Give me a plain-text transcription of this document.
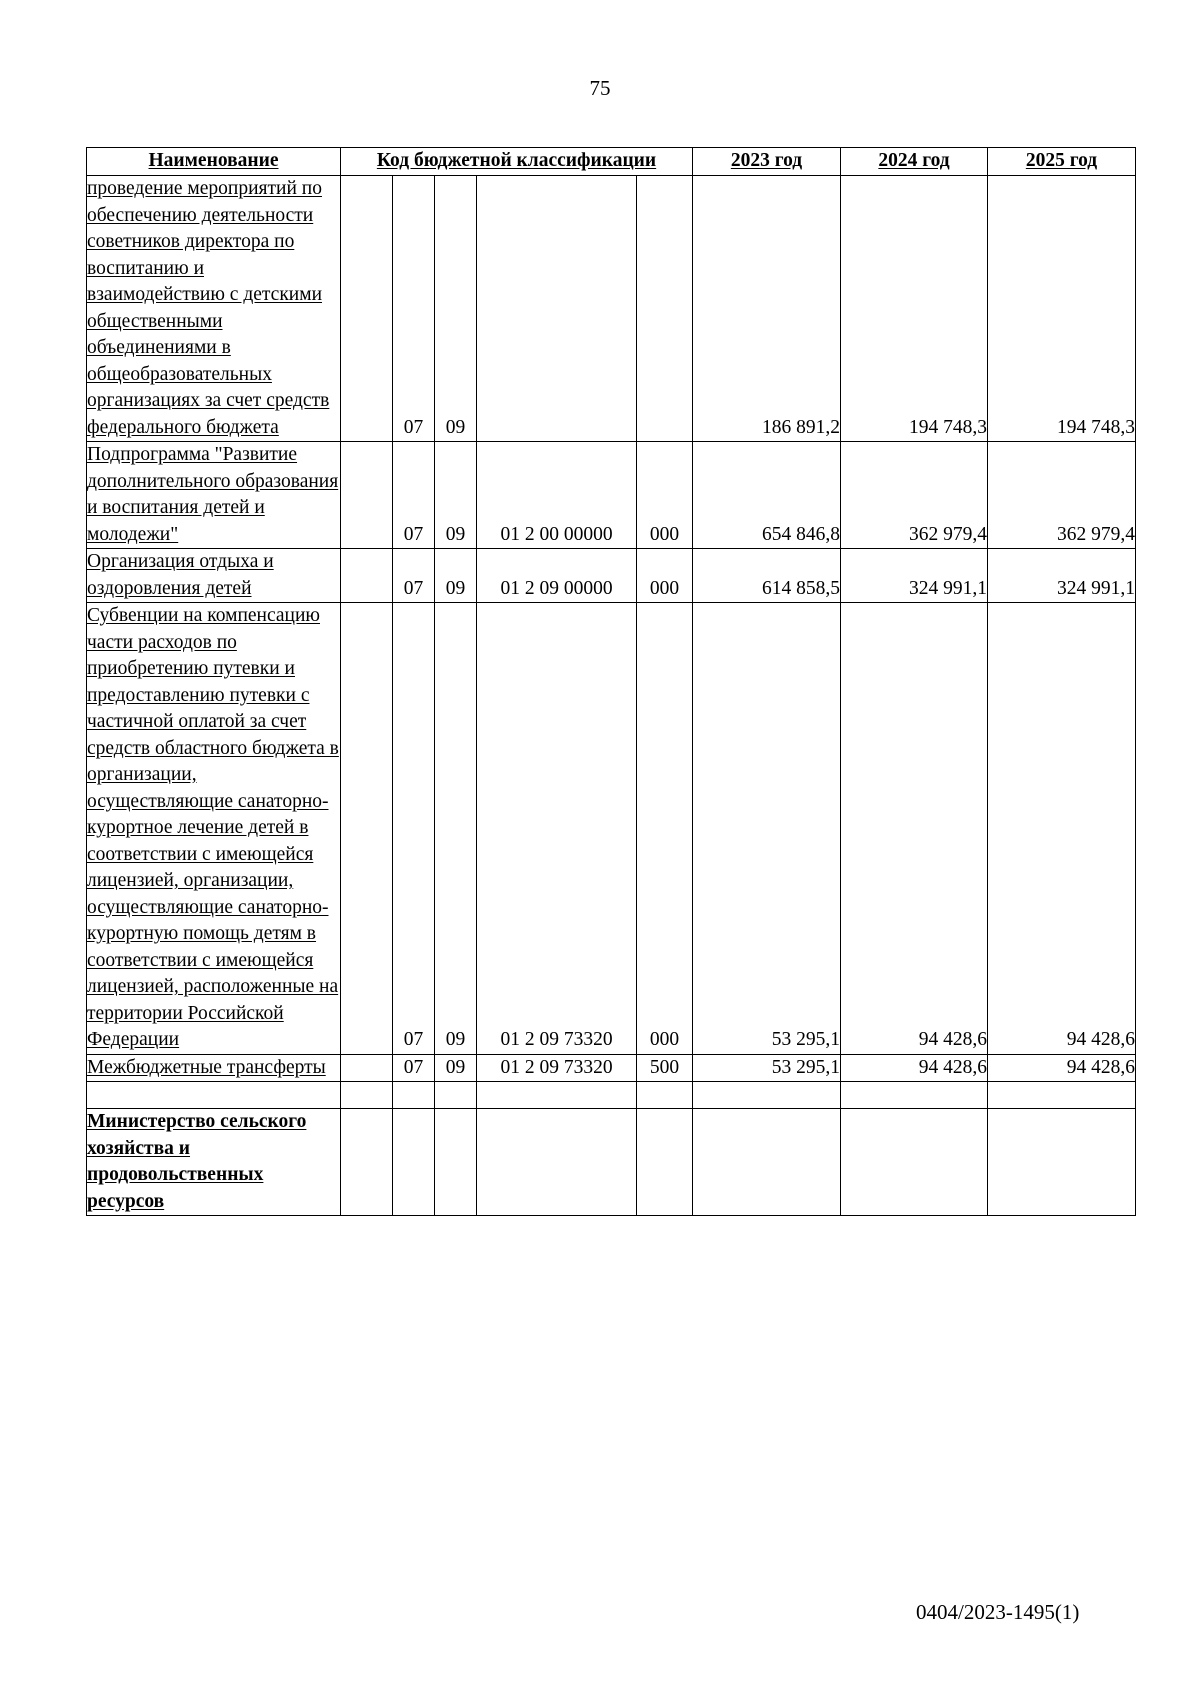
75
Наименование	Код бюджетной классификации					2023 год	2024 год	2025 год
проведение мероприятий по обеспечению деятельности советников директора по воспитанию и взаимодействию с детскими общественными объединениями в общеобразовательных организациях за счет средств федерального бюджета		07	09			186 891,2	194 748,3	194 748,3
Подпрограмма "Развитие дополнительного образования и воспитания детей и молодежи"		07	09	01 2 00 00000	000	654 846,8	362 979,4	362 979,4
Организация отдыха и оздоровления детей		07	09	01 2 09 00000	000	614 858,5	324 991,1	324 991,1
Субвенции на компенсацию части расходов по приобретению путевки и предоставлению путевки с частичной оплатой за счет средств областного бюджета в организации, осуществляющие санаторно-курортное лечение детей в соответствии с имеющейся лицензией, организации, осуществляющие санаторно-курортную помощь детям в соответствии с имеющейся лицензией, расположенные на территории Российской Федерации		07	09	01 2 09 73320	000	53 295,1	94 428,6	94 428,6
Межбюджетные трансферты		07	09	01 2 09 73320	500	53 295,1	94 428,6	94 428,6

Министерство сельского хозяйства и продовольственных ресурсов								
0404/2023-1495(1)
